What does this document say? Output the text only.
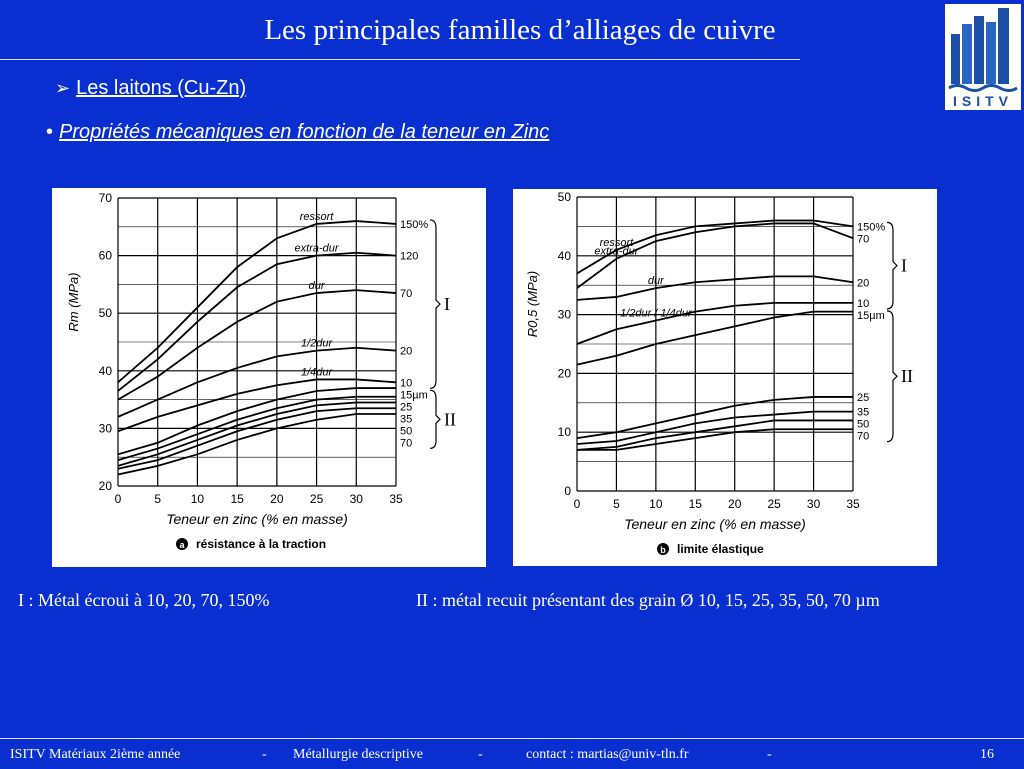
Les principales familles d’alliages de cuivre
ISITV
➢ Les laitons (Cu-Zn)
• Propriétés mécaniques en fonction de la teneur en Zinc
0	5 10 15 20 25 30 35
20
30
40
50
60
70
Teneur en zinc (% en masse)
Rm (MPa)
a résistance à la traction
150%
120
70
20
10
15µm
25
35
50
70
ressort
extra-dur
dur
1/2dur
1/4dur
I
II
0	5 10 15 20 25 30 35
0
10
20
30
40
50
Teneur en zinc (% en masse)
R0,5 (MPa)
b limite élastique
150%
70
20
10
15µm
25
35
50
70
ressort
extra-dur
dur
1/2dur / 1/4dur
I
II
I : Métal écroui à 10, 20, 70, 150%	II : métal recuit présentant des grain Ø 10, 15, 25, 35, 50, 70 µm
ISITV Matériaux 2ième année	- Métallurgie descriptive	-	contact : martias@univ-tln.fr	-	16
